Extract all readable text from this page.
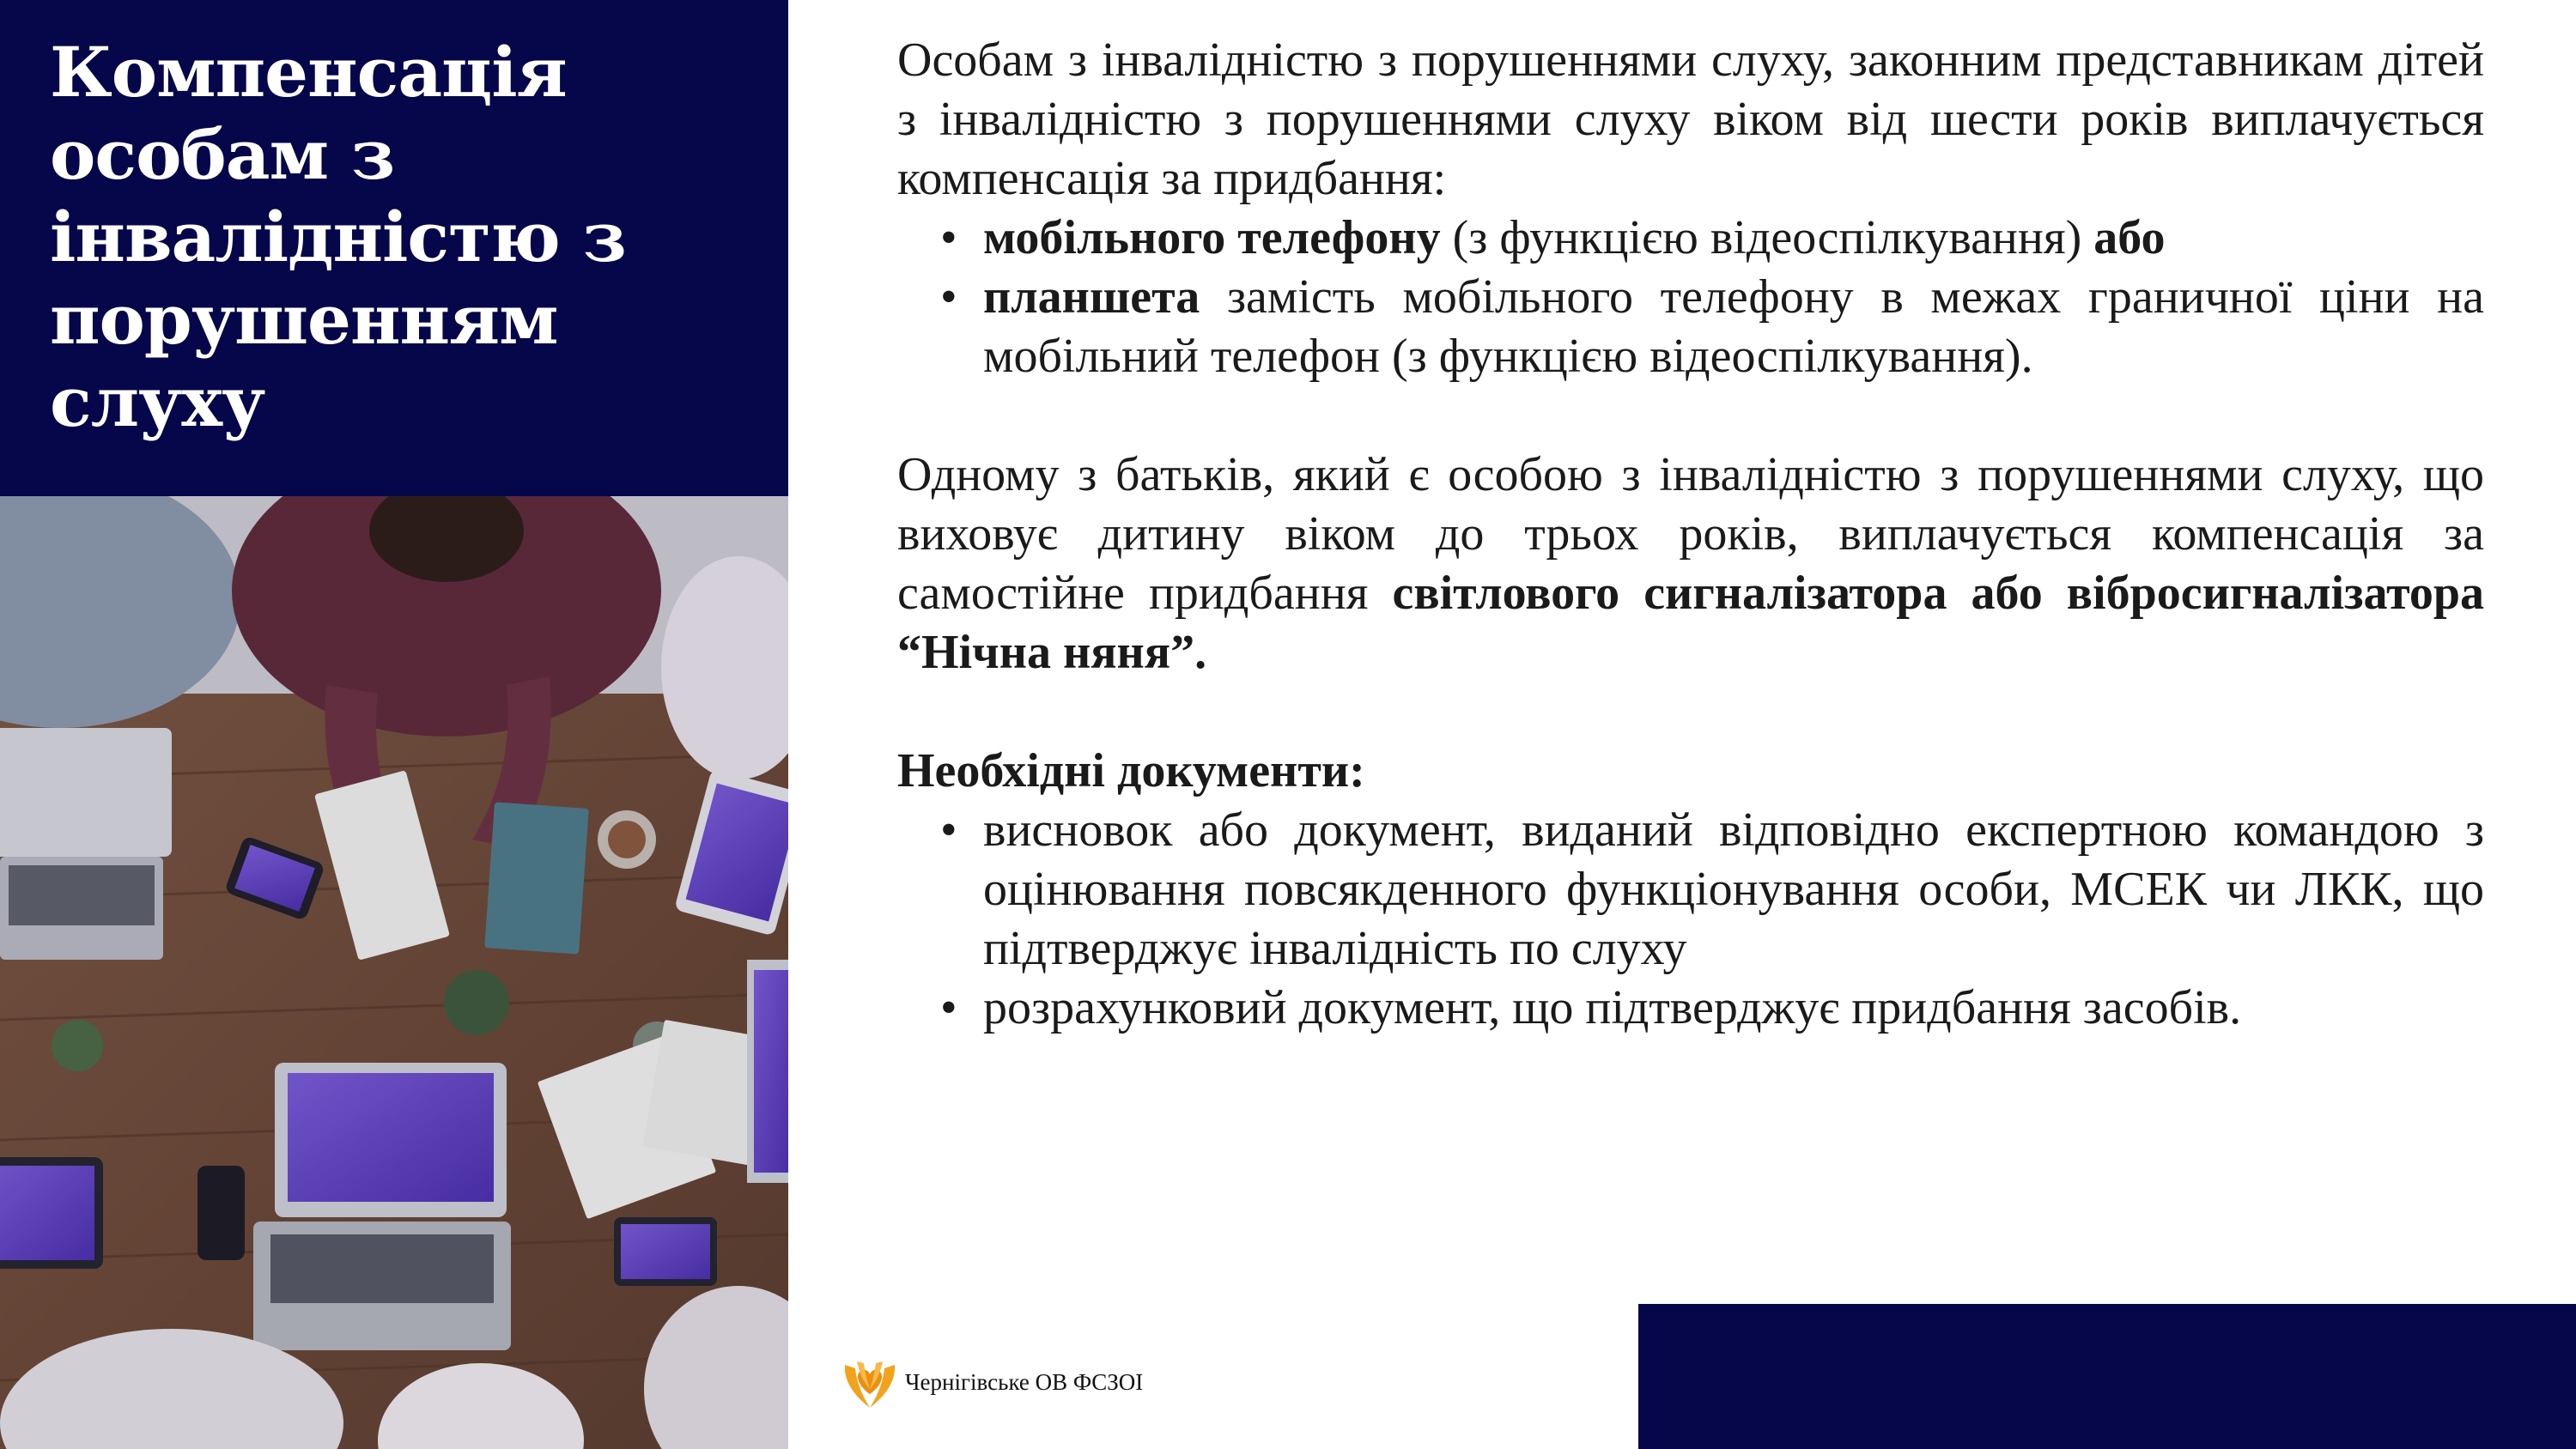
Компенсація особам з інвалідністю з порушенням слуху

Особам з інвалідністю з порушеннями слуху, законним представникам дітей з інвалідністю з порушеннями слуху віком від шести років виплачується компенсація за придбання:

• мобільного телефону (з функцією відеоспілкування) або
• планшета замість мобільного телефону в межах граничної ціни на мобільний телефон (з функцією відеоспілкування).

Одному з батьків, який є особою з інвалідністю з порушеннями слуху, що виховує дитину віком до трьох років, виплачується компенсація за самостійне придбання світлового сигналізатора або вібросигналізатора “Нічна няня”.

Необхідні документи:

• висновок або документ, виданий відповідно експертною командою з оцінювання повсякденного функціонування особи, МСЕК чи ЛКК, що підтверджує інвалідність по слуху
• розрахунковий документ, що підтверджує придбання засобів.
Чернігівське ОВ ФСЗОІ
